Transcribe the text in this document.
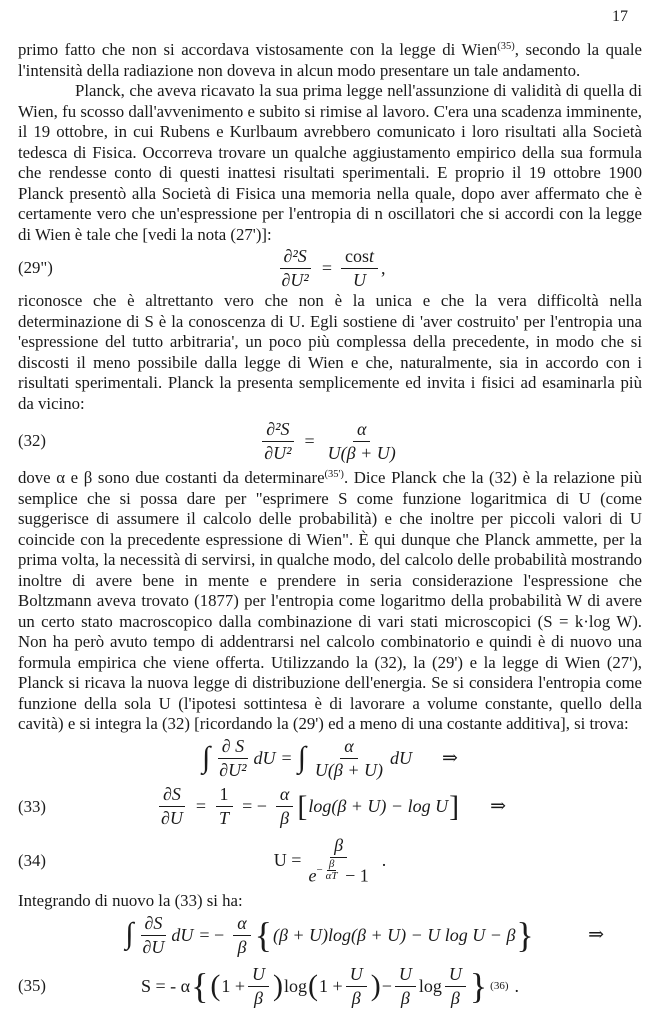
17

primo fatto che non si accordava vistosamente con la legge di Wien$^{(35)}$, secondo la quale l'intensità della radiazione non doveva in alcun modo presentare un tale andamento.

Planck, che aveva ricavato la sua prima legge nell'assunzione di validità di quella di Wien, fu scosso dall'avvenimento e subito si rimise al lavoro. C'era una scadenza imminente, il 19 ottobre, in cui Rubens e Kurlbaum avrebbero comunicato i loro risultati alla Società tedesca di Fisica. Occorreva trovare un qualche aggiustamento empirico della sua formula che rendesse conto di questi inattesi risultati sperimentali. E proprio il 19 ottobre 1900 Planck presentò alla Società di Fisica una memoria nella quale, dopo aver affermato che è certamente vero che un'espressione per l'entropia di n oscillatori che si accordi con la legge di Wien è tale che [vedi la nota (27')]:

(29")	$\frac{\text{∂²S}}{\text{∂U²}} = \frac{\cos t}{U}$ ,

riconosce che è altrettanto vero che non è la unica e che la vera difficoltà nella determinazione di S è la conoscenza di U. Egli sostiene di 'aver costruito' per l'entropia una 'espressione del tutto arbitraria', un poco più complessa della precedente, in modo che si discosti il meno possibile dalla legge di Wien e che, naturalmente, sia in accordo con i risultati sperimentali. Planck la presenta semplicemente ed invita i fisici ad esaminarla più da vicino:

(32)	$\frac{\text{∂²S}}{\text{∂U²}} = \frac{\alpha}{U(\beta + U)}$

dove α e β sono due costanti da determinare$^{(35')}$. Dice Planck che la (32) è la relazione più semplice che si possa dare per "esprimere S come funzione logaritmica di U (come suggerisce di assumere il calcolo delle probabilità) e che inoltre per piccoli valori di U coincide con la precedente espressione di Wien". È qui dunque che Planck ammette, per la prima volta, la necessità di servirsi, in qualche modo, del calcolo delle probabilità mostrando inoltre di avere bene in mente e prendere in seria considerazione l'espressione che Boltzmann aveva trovato (1877) per l'entropia come logaritmo della probabilità W di avere un certo stato macroscopico dalla combinazione di vari stati microscopici (S = k·log W). Non ha però avuto tempo di addentrarsi nel calcolo combinatorio e quindi è di nuovo una formula empirica che viene offerta. Utilizzando la (32), la (29') e la legge di Wien (27'), Planck si ricava la nuova legge di distribuzione dell'energia. Se si considera l'entropia come funzione della sola U (l'ipotesi sottintesa è di lavorare a volume constante, quello della cavità) e si integra la (32) [ricordando la (29') ed a meno di una costante additiva], si trova:

∫ $\frac{\partial S}{\text{∂U²}}$ dU = ∫ $\frac{\alpha}{U(\beta + U)}$ dU ⇒
(33)	$\frac{\partial S}{\partial U} = \frac{1}{T}$ = − $\frac{\alpha}{\beta}$ [ log(β + U) − log U ] ⇒
(34)	U =
β
$e - \frac{\beta}{\alpha T} - 1$
.

Integrando di nuovo la (33) si ha:

∫ $\frac{\partial S}{\partial U}$ dU = − $\frac{\alpha}{\beta}$ { (β + U)log(β + U) − U log U − β }	⇒
(35)	S = - α { ( $1 + \frac{U}{\beta}$ ) log ( $1 + \frac{U}{\beta}$ ) − $\frac{U}{\beta}$ $\log \frac{U}{\beta}$ } (36) .
